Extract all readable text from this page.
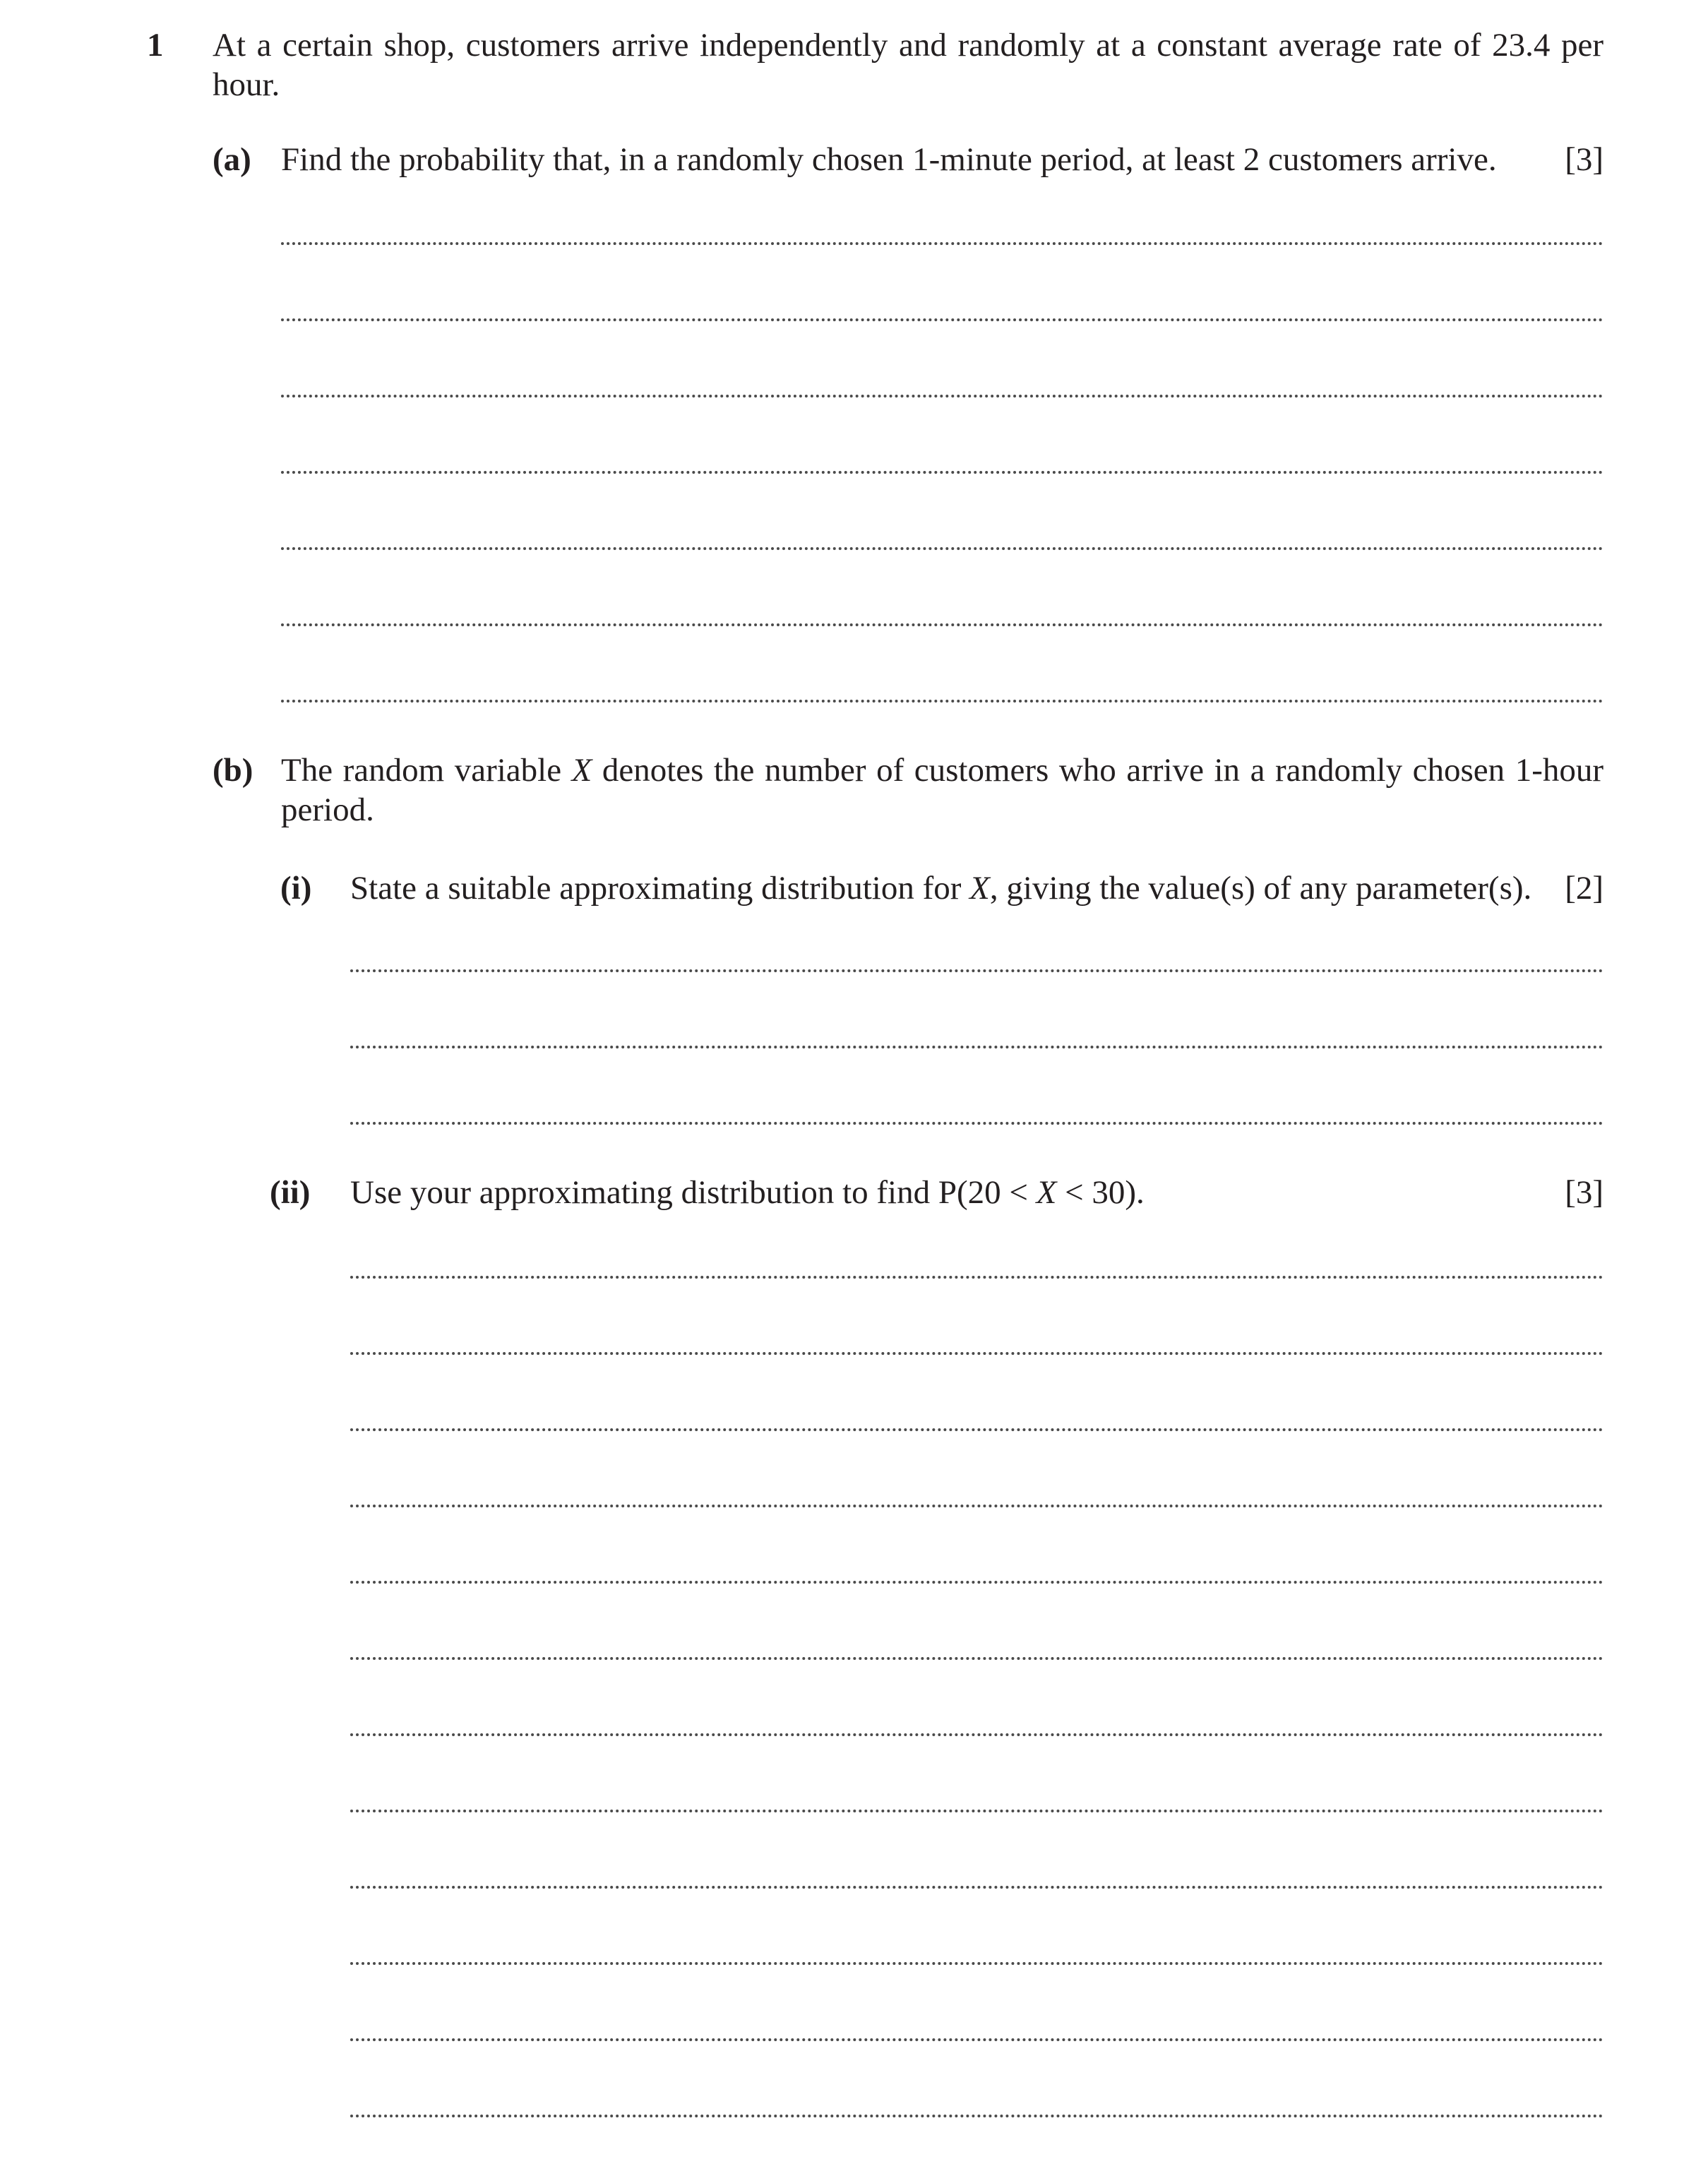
1 At a certain shop, customers arrive independently and randomly at a constant average rate of 23.4 per hour.
(a) Find the probability that, in a randomly chosen 1-minute period, at least 2 customers arrive. [3]
(b) The random variable X denotes the number of customers who arrive in a randomly chosen 1-hour period.
(i) State a suitable approximating distribution for X, giving the value(s) of any parameter(s). [2]
(ii) Use your approximating distribution to find P(20 < X < 30).	[3]
